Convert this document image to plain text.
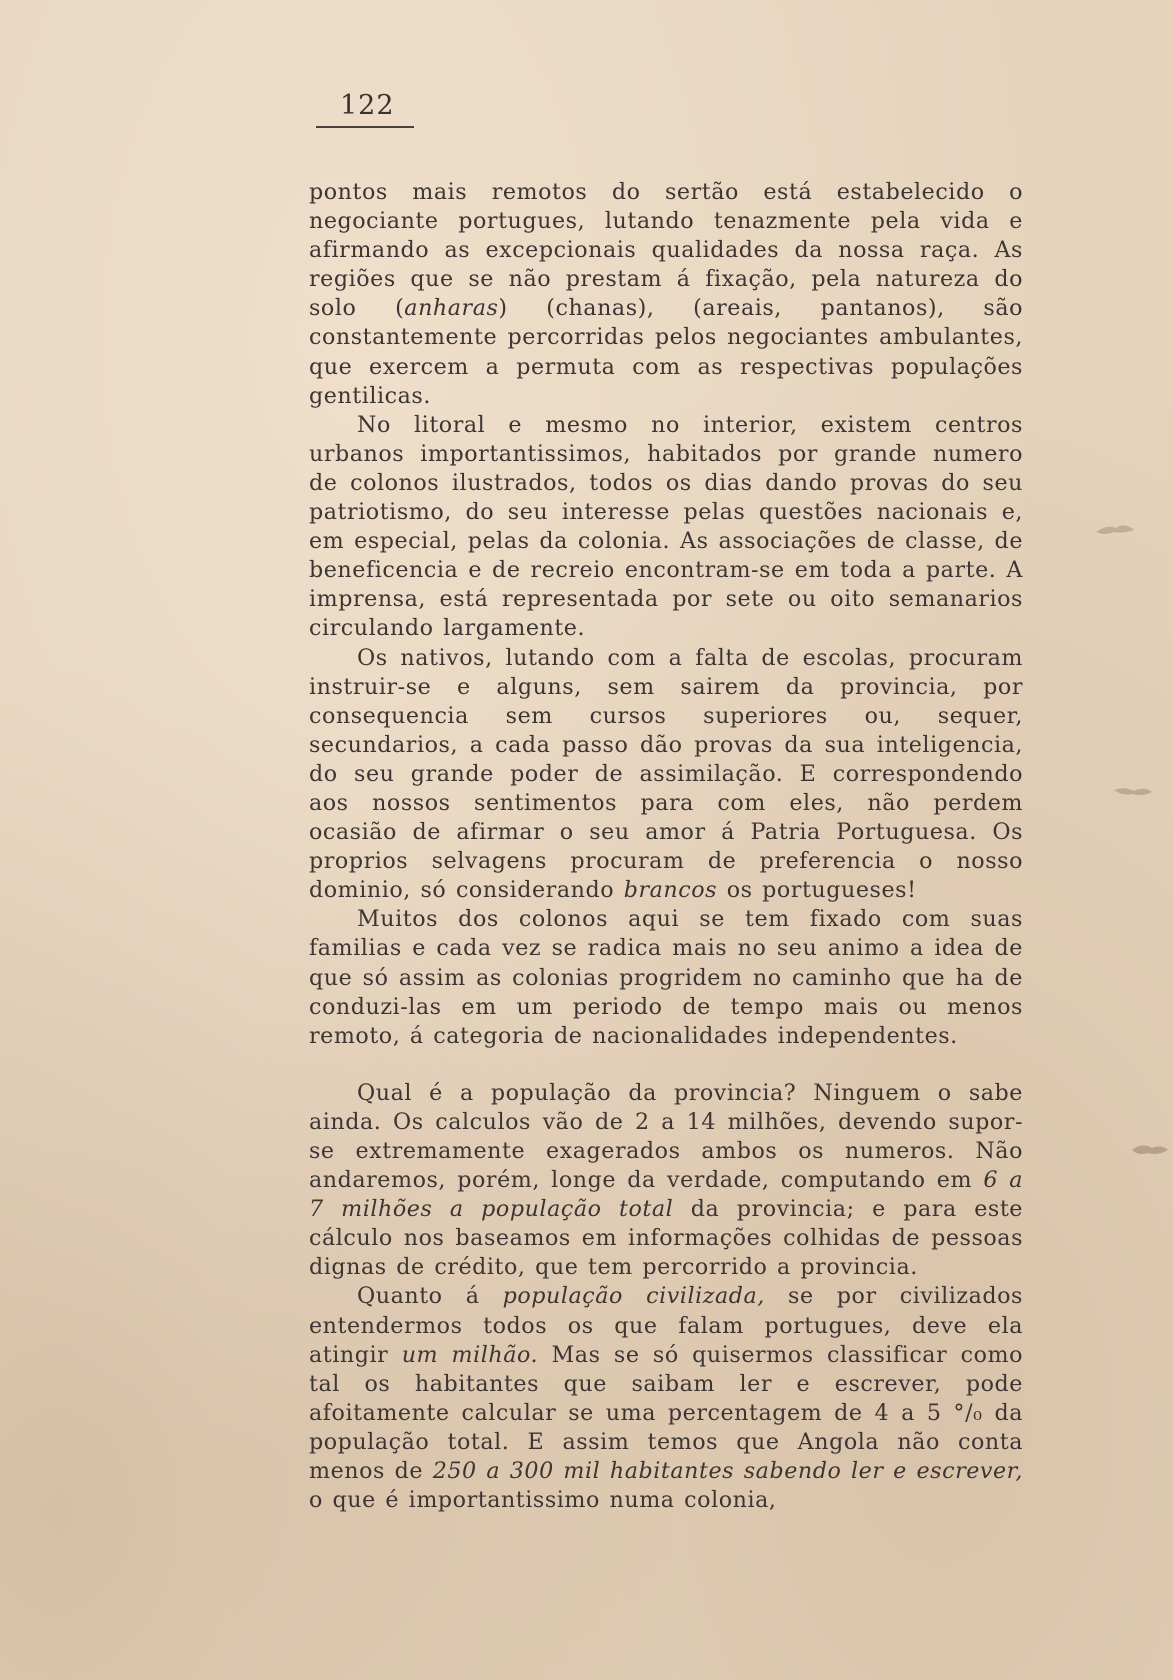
122

pontos mais remotos do sertão está estabelecido o negociante portugues, lutando tenazmente pela vida e afirmando as excepcionais qualidades da nossa raça. As regiões que se não prestam á fixação, pela natureza do solo (anharas) (chanas), (areais, pantanos), são constantemente percorridas pelos negociantes ambulantes, que exercem a permuta com as respectivas populações gentilicas.

No litoral e mesmo no interior, existem centros urbanos importantissimos, habitados por grande numero de colonos ilustrados, todos os dias dando provas do seu patriotismo, do seu interesse pelas questões nacionais e, em especial, pelas da colonia. As associações de classe, de beneficencia e de recreio encontram-se em toda a parte. A imprensa, está representada por sete ou oito semanarios circulando largamente.

Os nativos, lutando com a falta de escolas, procuram instruir-se e alguns, sem sairem da provincia, por consequencia sem cursos superiores ou, sequer, secundarios, a cada passo dão provas da sua inteligencia, do seu grande poder de assimilação. E correspondendo aos nossos sentimentos para com eles, não perdem ocasião de afirmar o seu amor á Patria Portuguesa. Os proprios selvagens procuram de preferencia o nosso dominio, só considerando brancos os portugueses!

Muitos dos colonos aqui se tem fixado com suas familias e cada vez se radica mais no seu animo a idea de que só assim as colonias progridem no caminho que ha de conduzi-las em um periodo de tempo mais ou menos remoto, á categoria de nacionalidades independentes.

Qual é a população da provincia? Ninguem o sabe ainda. Os calculos vão de 2 a 14 milhões, devendo supor-se extremamente exagerados ambos os numeros. Não andaremos, porém, longe da verdade, computando em 6 a 7 milhões a população total da provincia; e para este cálculo nos baseamos em informações colhidas de pessoas dignas de crédito, que tem percorrido a provincia.

Quanto á população civilizada, se por civilizados entendermos todos os que falam portugues, deve ela atingir um milhão. Mas se só quisermos classificar como tal os habitantes que saibam ler e escrever, pode afoitamente calcular se uma percentagem de 4 a 5 °/₀ da população total. E assim temos que Angola não conta menos de 250 a 300 mil habitantes sabendo ler e escrever, o que é importantissimo numa colonia,
